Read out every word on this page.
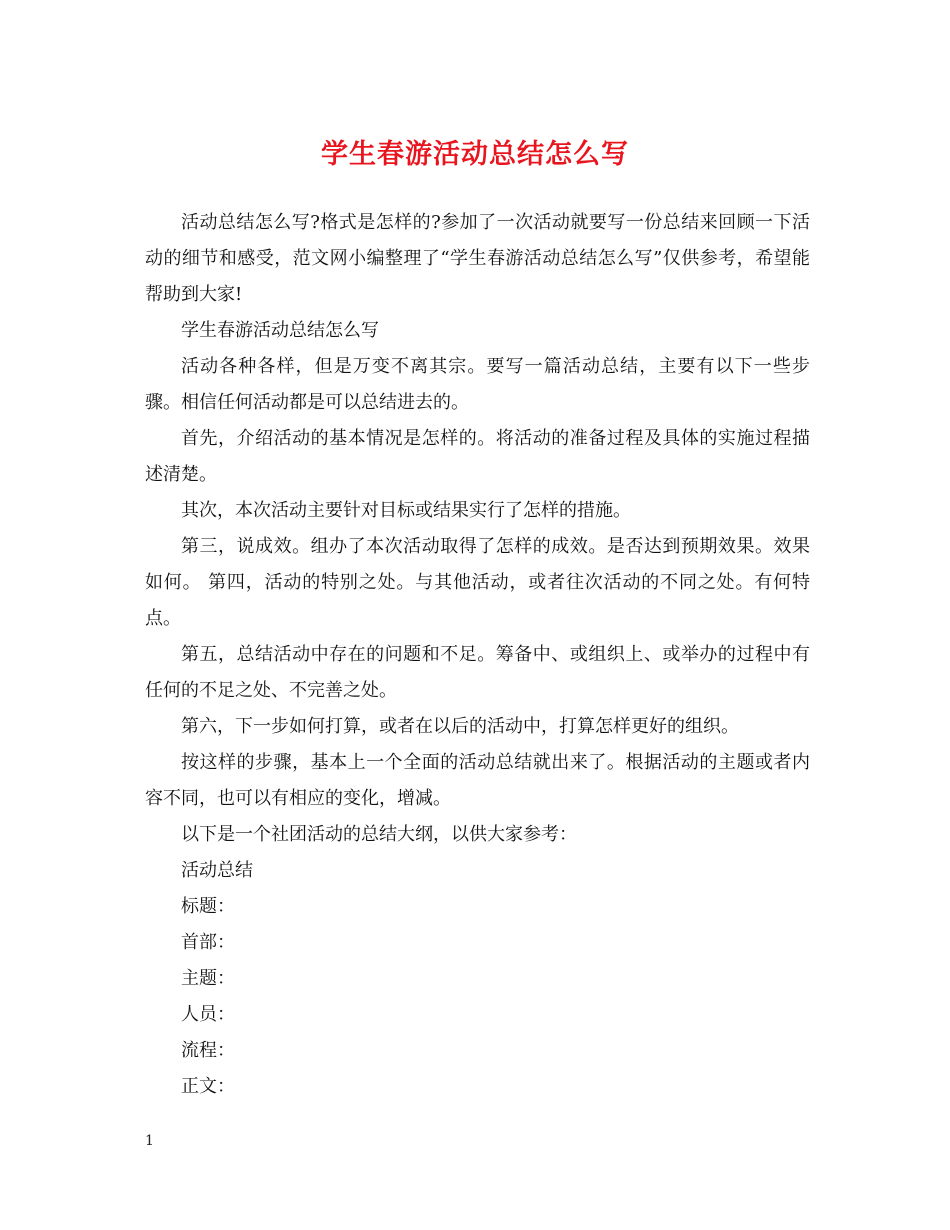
学生春游活动总结怎么写

活动总结怎么写?格式是怎样的?参加了一次活动就要写一份总结来回顾一下活动的细节和感受，范文网小编整理了“学生春游活动总结怎么写”仅供参考，希望能帮助到大家!

学生春游活动总结怎么写

活动各种各样，但是万变不离其宗。要写一篇活动总结，主要有以下一些步骤。相信任何活动都是可以总结进去的。

首先，介绍活动的基本情况是怎样的。将活动的准备过程及具体的实施过程描述清楚。

其次，本次活动主要针对目标或结果实行了怎样的措施。

第三，说成效。组办了本次活动取得了怎样的成效。是否达到预期效果。效果如何。 第四，活动的特别之处。与其他活动，或者往次活动的不同之处。有何特点。

第五，总结活动中存在的问题和不足。筹备中、或组织上、或举办的过程中有任何的不足之处、不完善之处。

第六，下一步如何打算，或者在以后的活动中，打算怎样更好的组织。

按这样的步骤，基本上一个全面的活动总结就出来了。根据活动的主题或者内容不同，也可以有相应的变化，增减。

以下是一个社团活动的总结大纲，以供大家参考：

活动总结

标题：

首部：

主题：

人员：

流程：

正文：

1
